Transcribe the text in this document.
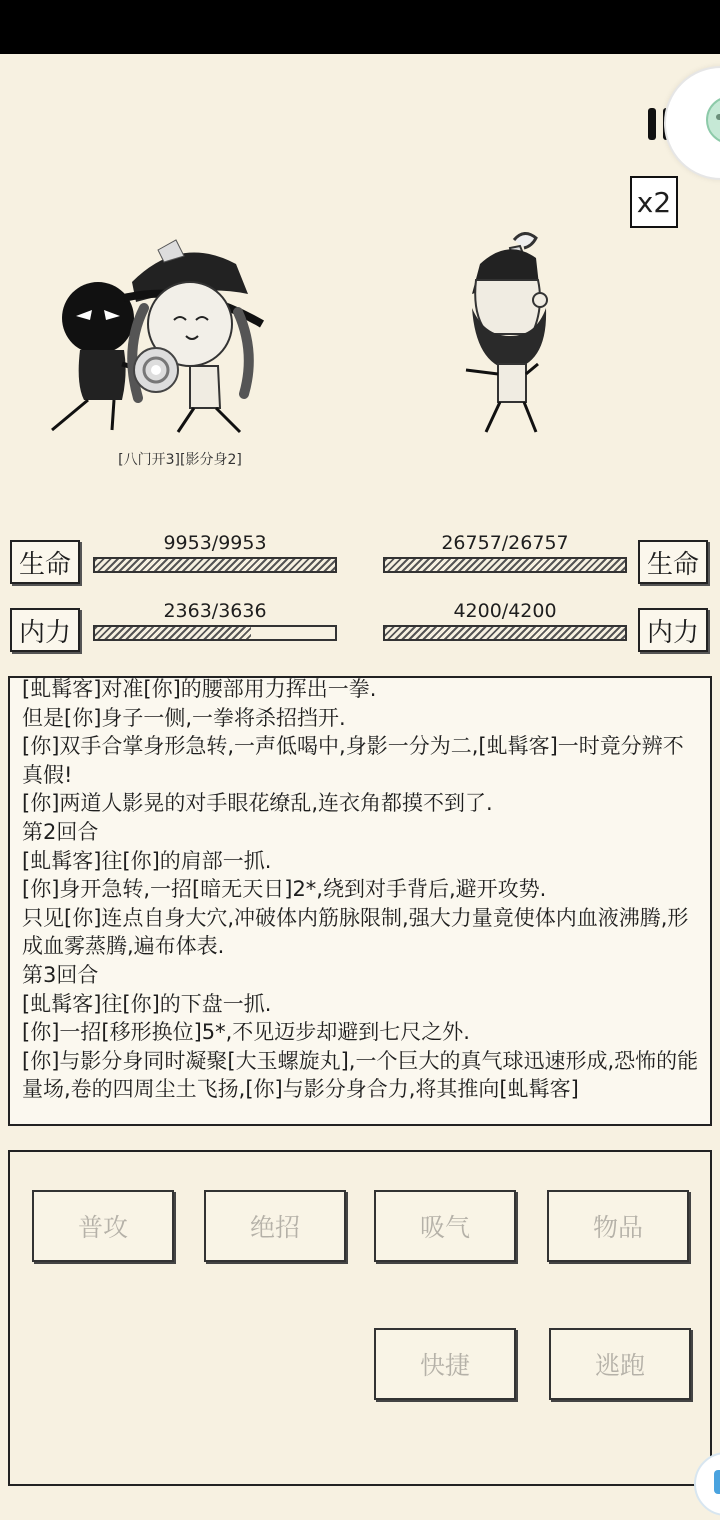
x2
[八门开3][影分身2]
生命
9953/9953
内力
2363/3636
26757/26757
生命
4200/4200
内力
[虬髯客]对准[你]的腰部用力挥出一拳.
但是[你]身子一侧,一拳将杀招挡开.
[你]双手合掌身形急转,一声低喝中,身影一分为二,[虬髯客]一时竟分辨不真假!
[你]两道人影晃的对手眼花缭乱,连衣角都摸不到了.
第2回合
[虬髯客]往[你]的肩部一抓.
[你]身开急转,一招[暗无天日]2*,绕到对手背后,避开攻势.
只见[你]连点自身大穴,冲破体内筋脉限制,强大力量竟使体内血液沸腾,形成血雾蒸腾,遍布体表.
第3回合
[虬髯客]往[你]的下盘一抓.
[你]一招[移形换位]5*,不见迈步却避到七尺之外.
[你]与影分身同时凝聚[大玉螺旋丸],一个巨大的真气球迅速形成,恐怖的能量场,卷的四周尘土飞扬,[你]与影分身合力,将其推向[虬髯客]
普攻	绝招	吸气	物品
快捷	逃跑
